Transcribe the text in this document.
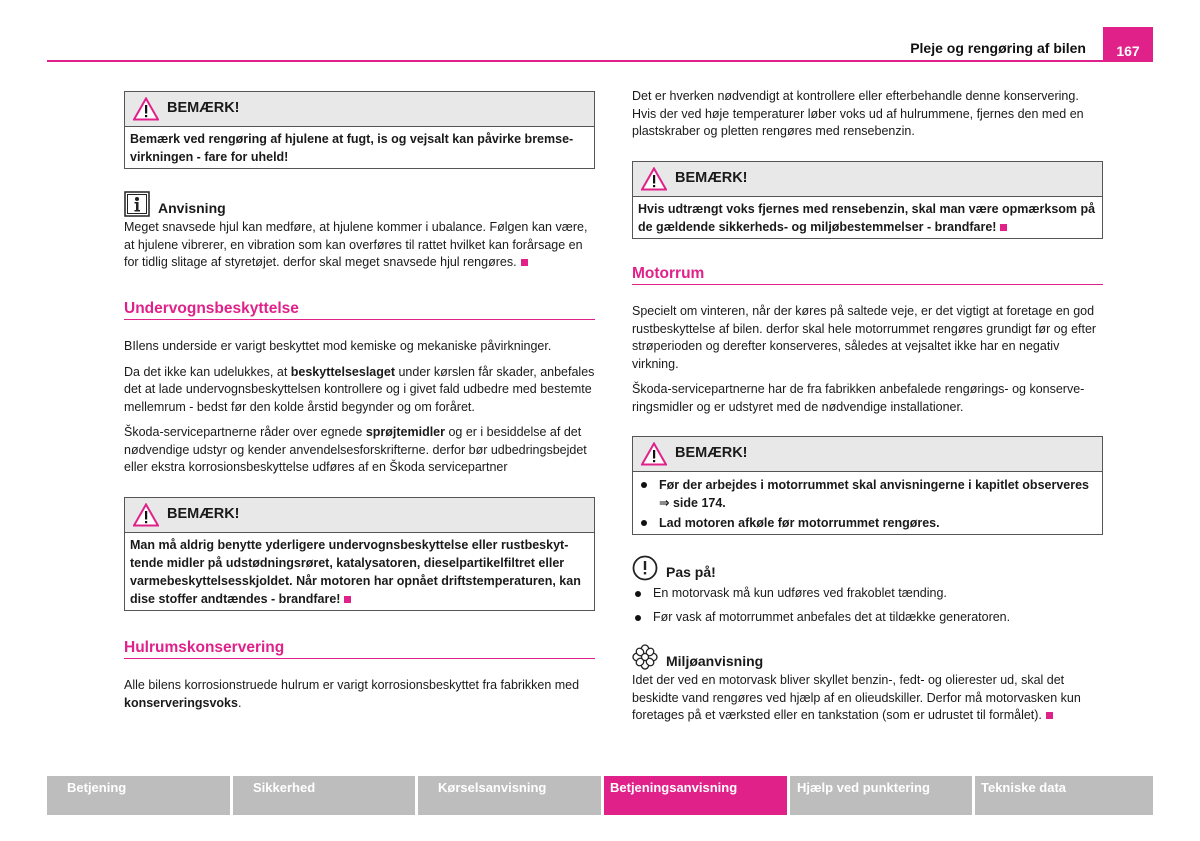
Pleje og rengøring af bilen	167
BEMÆRK!
Bemærk ved rengøring af hjulene at fugt, is og vejsalt kan påvirke bremsevirkningen - fare for uheld!
Anvisning

Meget snavsede hjul kan medføre, at hjulene kommer i ubalance. Følgen kan være, at hjulene vibrerer, en vibration som kan overføres til rattet hvilket kan forårsage en for tidlig slitage af styretøjet. derfor skal meget snavsede hjul rengøres.

Undervognsbeskyttelse

BIlens underside er varigt beskyttet mod kemiske og mekaniske påvirkninger.

Da det ikke kan udelukkes, at beskyttelseslaget under kørslen får skader, anbefales det at lade undervognsbeskyttelsen kontrollere og i givet fald udbedre med bestemte mellemrum - bedst før den kolde årstid begynder og om foråret.

Škoda-servicepartnerne råder over egnede sprøjtemidler og er i besiddelse af det nødvendige udstyr og kender anvendelsesforskrifterne. derfor bør udbedringsbejdet eller ekstra korrosionsbeskyttelse udføres af en Škoda servicepartner

BEMÆRK!
Man må aldrig benytte yderligere undervognsbeskyttelse eller rustbeskyttende midler på udstødningsrøret, katalysatoren, dieselpartikelfiltret eller varmebeskyttelsesskjoldet. Når motoren har opnået driftstemperaturen, kan dise stoffer andtændes - brandfare!
Hulrumskonservering

Alle bilens korrosionstruede hulrum er varigt korrosionsbeskyttet fra fabrikken med konserveringsvoks.

Det er hverken nødvendigt at kontrollere eller efterbehandle denne konservering. Hvis der ved høje temperaturer løber voks ud af hulrummene, fjernes den med en plastskraber og pletten rengøres med rensebenzin.

BEMÆRK!
Hvis udtrængt voks fjernes med rensebenzin, skal man være opmærksom på de gældende sikkerheds- og miljøbestemmelser - brandfare!
Motorrum

Specielt om vinteren, når der køres på saltede veje, er det vigtigt at foretage en god rustbeskyttelse af bilen. derfor skal hele motorrummet rengøres grundigt før og efter strøperioden og derefter konserveres, således at vejsaltet ikke har en negativ virkning.

Škoda-servicepartnerne har de fra fabrikken anbefalede rengørings- og konserveringsmidler og er udstyret med de nødvendige installationer.

BEMÆRK!
Før der arbejdes i motorrummet skal anvisningerne i kapitlet observeres ⇒ side 174.
Lad motoren afkøle før motorrummet rengøres.
Pas på!
En motorvask må kun udføres ved frakoblet tænding.
Før vask af motorrummet anbefales det at tildække generatoren.
Miljøanvisning

Idet der ved en motorvask bliver skyllet benzin-, fedt- og olierester ud, skal det beskidte vand rengøres ved hjælp af en olieudskiller. Derfor må motorvasken kun foretages på et værksted eller en tankstation (som er udrustet til formålet).

Betjening	Sikkerhed	Kørselsanvisning	Betjeningsanvisning	Hjælp ved punktering	Tekniske data
